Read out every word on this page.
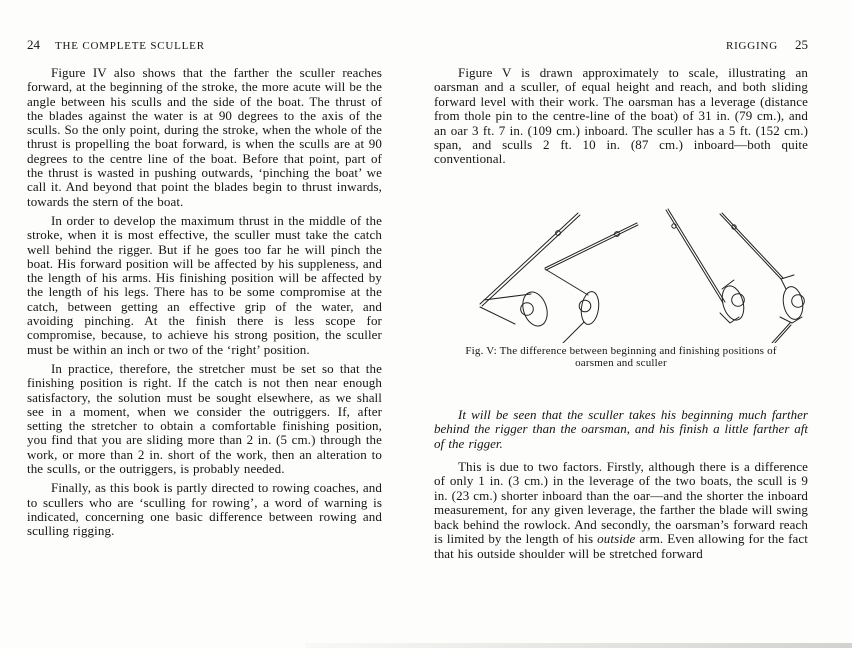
24 THE COMPLETE SCULLER

Figure IV also shows that the farther the sculler reaches forward, at the beginning of the stroke, the more acute will be the angle between his sculls and the side of the boat. The thrust of the blades against the water is at 90 degrees to the axis of the sculls. So the only point, during the stroke, when the whole of the thrust is propelling the boat forward, is when the sculls are at 90 degrees to the centre line of the boat. Before that point, part of the thrust is wasted in pushing outwards, ‘pinching the boat’ we call it. And beyond that point the blades begin to thrust inwards, towards the stern of the boat.

In order to develop the maximum thrust in the middle of the stroke, when it is most effective, the sculler must take the catch well behind the rigger. But if he goes too far he will pinch the boat. His forward position will be affected by his suppleness, and the length of his arms. His finishing position will be affected by the length of his legs. There has to be some compromise at the catch, between getting an effective grip of the water, and avoiding pinching. At the finish there is less scope for compromise, because, to achieve his strong position, the sculler must be within an inch or two of the ‘right’ position.

In practice, therefore, the stretcher must be set so that the finishing position is right. If the catch is not then near enough satisfactory, the solution must be sought elsewhere, as we shall see in a moment, when we consider the outriggers. If, after setting the stretcher to obtain a comfortable finishing position, you find that you are sliding more than 2 in. (5 cm.) through the work, or more than 2 in. short of the work, then an alteration to the sculls, or the outriggers, is probably needed.

Finally, as this book is partly directed to rowing coaches, and to scullers who are ‘sculling for rowing’, a word of warning is indicated, concerning one basic difference between rowing and sculling rigging.

RIGGING 25

Figure V is drawn approximately to scale, illustrating an oarsman and a sculler, of equal height and reach, and both sliding forward level with their work. The oarsman has a leverage (distance from thole pin to the centre-line of the boat) of 31 in. (79 cm.), and an oar 3 ft. 7 in. (109 cm.) inboard. The sculler has a 5 ft. (152 cm.) span, and sculls 2 ft. 10 in. (87 cm.) inboard—both quite conventional.

Fig. V: The difference between beginning and finishing positions of oarsmen and sculler

It will be seen that the sculler takes his beginning much farther behind the rigger than the oarsman, and his finish a little farther aft of the rigger.

This is due to two factors. Firstly, although there is a difference of only 1 in. (3 cm.) in the leverage of the two boats, the scull is 9 in. (23 cm.) shorter inboard than the oar—and the shorter the inboard measurement, for any given leverage, the farther the blade will swing back behind the rowlock. And secondly, the oarsman’s forward reach is limited by the length of his outside arm. Even allowing for the fact that his outside shoulder will be stretched forward
